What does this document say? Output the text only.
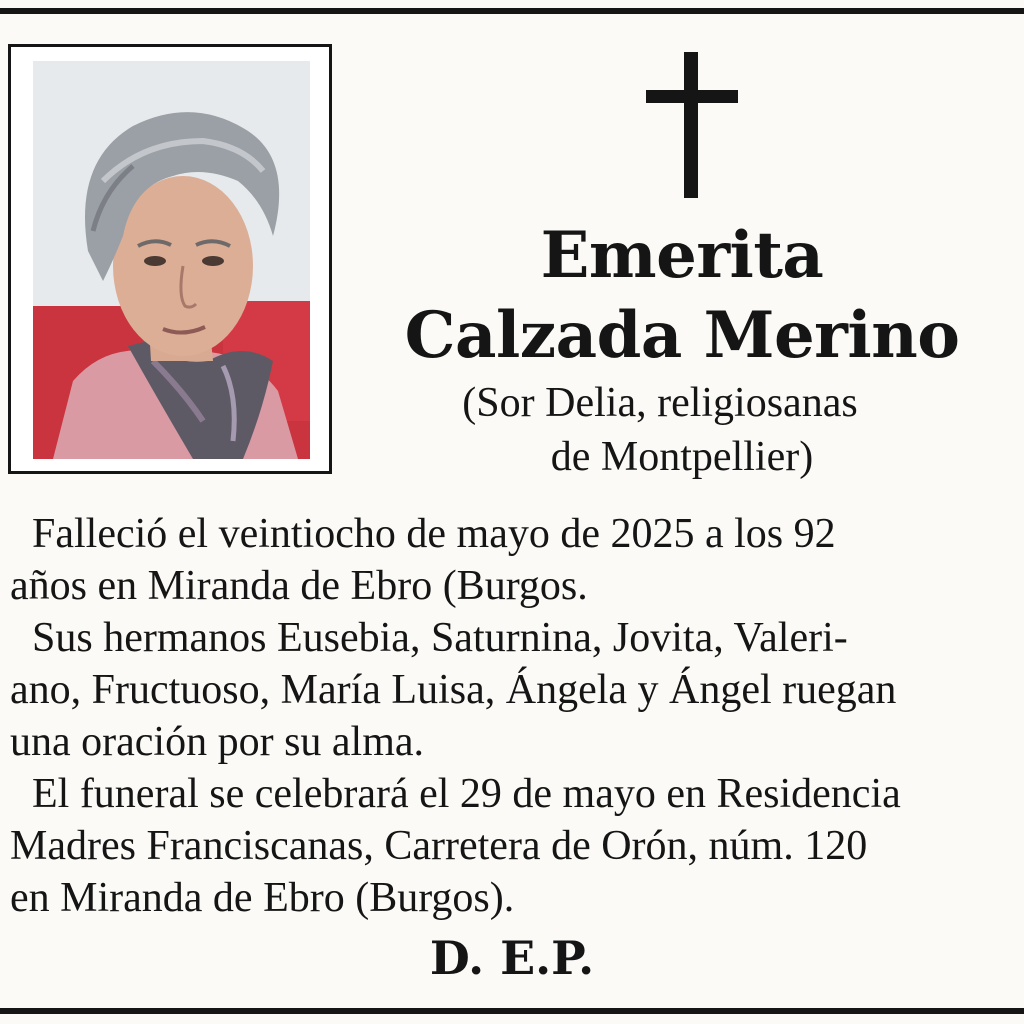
Emerita
Calzada Merino
(Sor Delia, religiosanas
de Montpellier)
Falleció el veintiocho de mayo de 2025 a los 92
años en Miranda de Ebro (Burgos.
Sus hermanos Eusebia, Saturnina, Jovita, Valeri-
ano, Fructuoso, María Luisa, Ángela y Ángel ruegan
una oración por su alma.
El funeral se celebrará el 29 de mayo en Residencia
Madres Franciscanas, Carretera de Orón, núm. 120
en Miranda de Ebro (Burgos).
D. E.P.
